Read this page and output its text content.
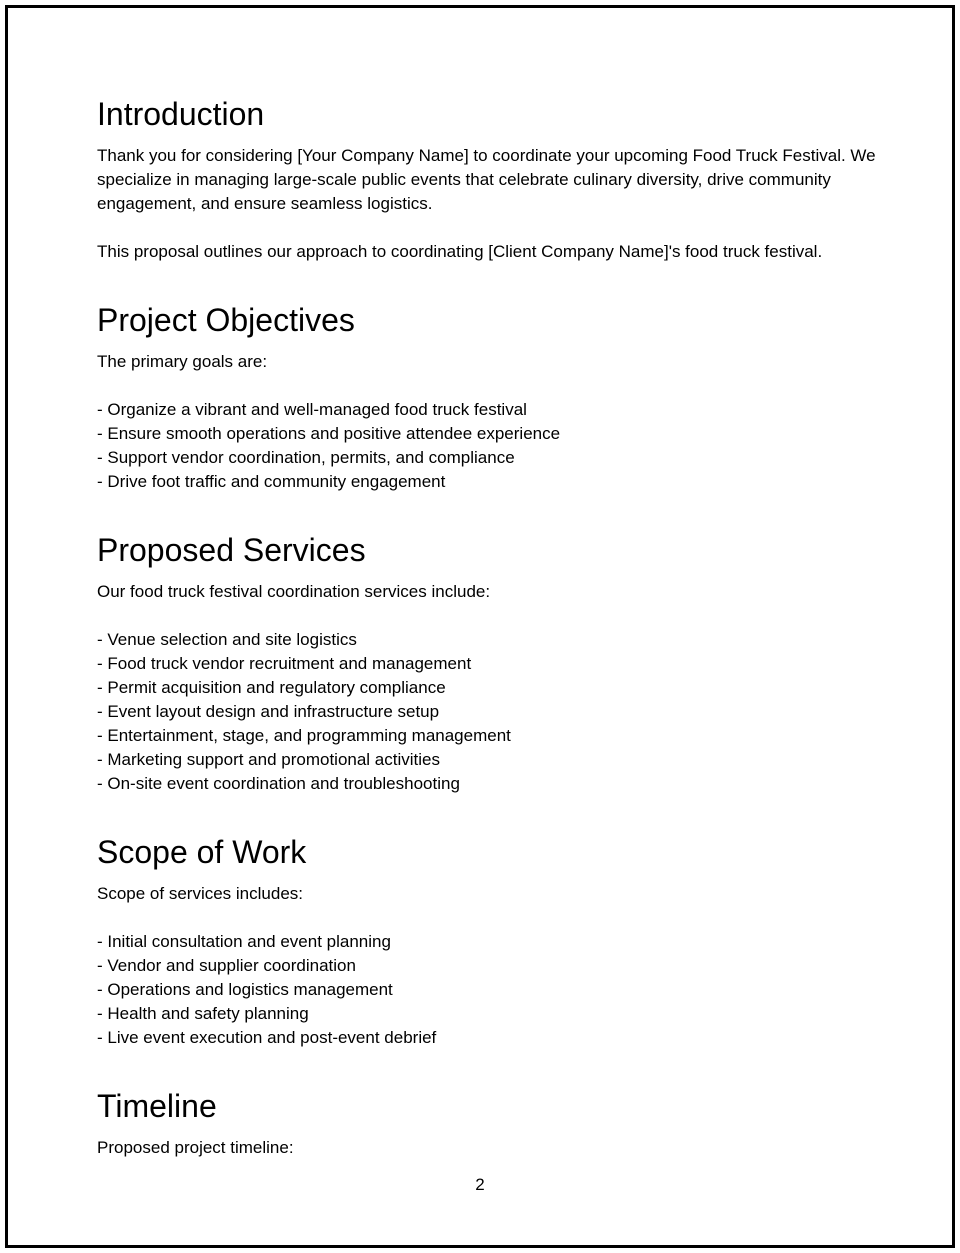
Introduction

Thank you for considering [Your Company Name] to coordinate your upcoming Food Truck Festival. We specialize in managing large-scale public events that celebrate culinary diversity, drive community engagement, and ensure seamless logistics.

This proposal outlines our approach to coordinating [Client Company Name]'s food truck festival.

Project Objectives

The primary goals are:

- Organize a vibrant and well-managed food truck festival
- Ensure smooth operations and positive attendee experience
- Support vendor coordination, permits, and compliance
- Drive foot traffic and community engagement
Proposed Services

Our food truck festival coordination services include:

- Venue selection and site logistics
- Food truck vendor recruitment and management
- Permit acquisition and regulatory compliance
- Event layout design and infrastructure setup
- Entertainment, stage, and programming management
- Marketing support and promotional activities
- On-site event coordination and troubleshooting
Scope of Work

Scope of services includes:

- Initial consultation and event planning
- Vendor and supplier coordination
- Operations and logistics management
- Health and safety planning
- Live event execution and post-event debrief
Timeline

Proposed project timeline:

2
